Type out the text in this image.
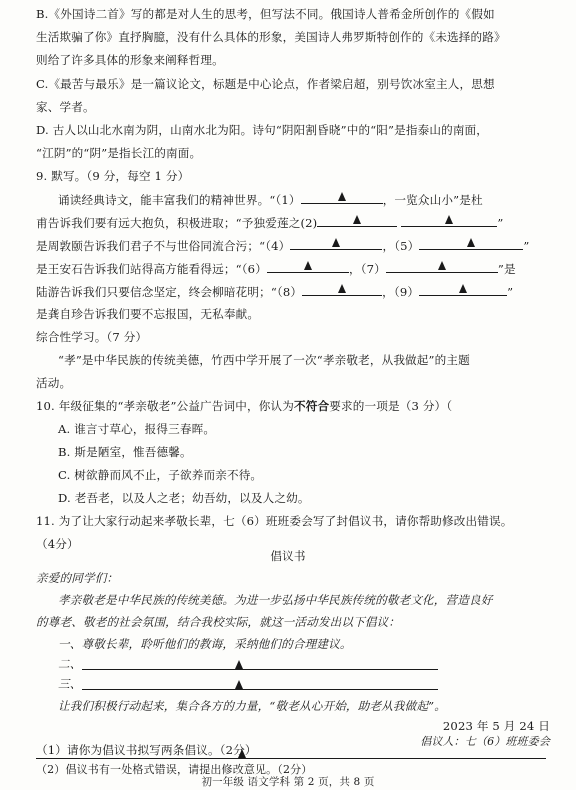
B.《外国诗二首》写的都是对人生的思考，但写法不同。俄国诗人普希金所创作的《假如
生活欺骗了你》直抒胸臆，没有什么具体的形象，美国诗人弗罗斯特创作的《未选择的路》
则给了许多具体的形象来阐释哲理。
C.《最苦与最乐》是一篇议论文，标题是中心论点，作者梁启超，别号饮冰室主人，思想
家、学者。
D. 古人以山北水南为阴，山南水北为阳。诗句“阴阳割昏晓”中的“阳”是指泰山的南面，
“江阴”的“阴”是指长江的南面。
9. 默写。（9 分，每空 1 分）
诵读经典诗文，能丰富我们的精神世界。“（1）	，一览众山小”是杜
甫告诉我们要有远大抱负，积极进取；“予独爱莲之(2)	”
是周敦颐告诉我们君子不与世俗同流合污；“（4）	，（5）	”
是王安石告诉我们站得高方能看得远；“（6）	，（7）	”是
陆游告诉我们只要信念坚定，终会柳暗花明；“（8）	，（9）	”
是龚自珍告诉我们要不忘报国，无私奉献。
综合性学习。（7 分）
“孝”是中华民族的传统美德，竹西中学开展了一次“孝亲敬老，从我做起”的主题
活动。
10. 年级征集的“孝亲敬老”公益广告词中，你认为不符合要求的一项是（3 分）（
A. 谁言寸草心，报得三春晖。
B. 斯是陋室，惟吾德馨。
C. 树欲静而风不止，子欲养而亲不待。
D. 老吾老，以及人之老；幼吾幼，以及人之幼。
11. 为了让大家行动起来孝敬长辈，七（6）班班委会写了封倡议书，请你帮助修改出错误。
（4分）
倡议书
亲爱的同学们：
孝亲敬老是中华民族的传统美德。为进一步弘扬中华民族传统的敬老文化，营造良好
的尊老、敬老的社会氛围，结合我校实际，就这一活动发出以下倡议：
一、尊敬长辈，聆听他们的教诲，采纳他们的合理建议。
二、
三、
让我们积极行动起来，集合各方的力量，“敬老从心开始，助老从我做起”。
2023 年 5 月 24 日
倡议人：七（6）班班委会
（1）请你为倡议书拟写两条倡议。（2分）
（2）倡议书有一处格式错误，请提出修改意见。（2分）
初一年级 语文学科 第 2 页，共 8 页
